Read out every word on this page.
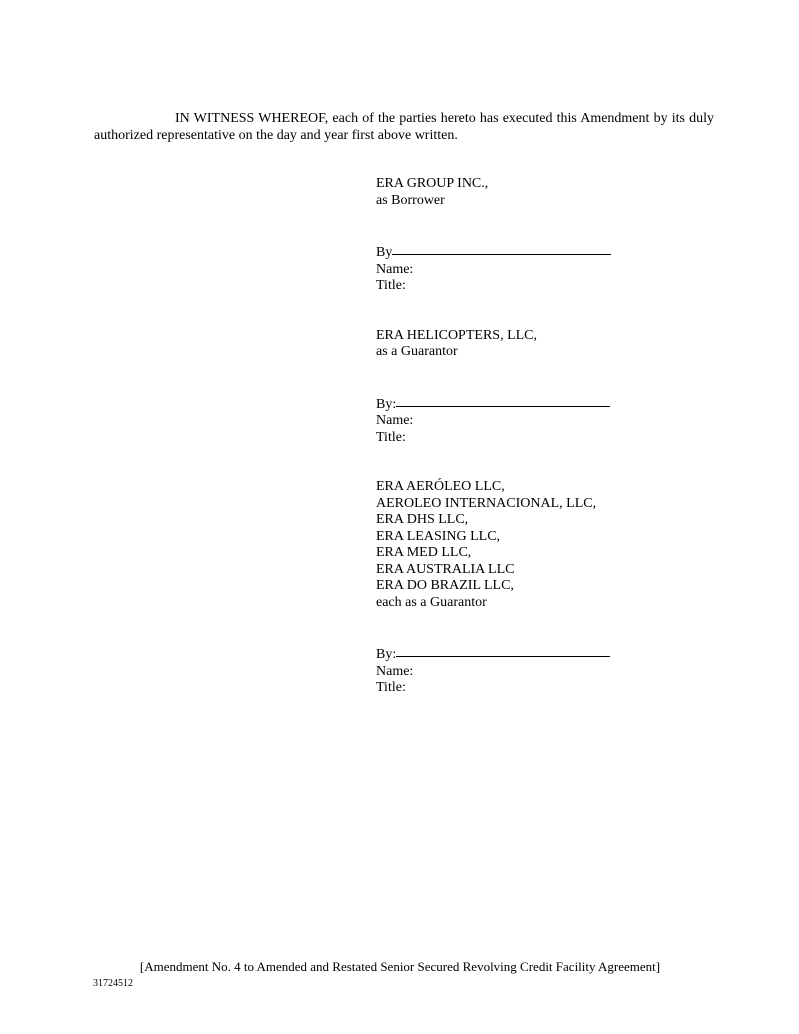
IN WITNESS WHEREOF, each of the parties hereto has executed this Amendment by its duly authorized representative on the day and year first above written.

ERA GROUP INC.,
as Borrower
By
Name:
Title:
ERA HELICOPTERS, LLC,
as a Guarantor
By:
Name:
Title:
ERA AERÓLEO LLC,
AEROLEO INTERNACIONAL, LLC,
ERA DHS LLC,
ERA LEASING LLC,
ERA MED LLC,
ERA AUSTRALIA LLC
ERA DO BRAZIL LLC,
each as a Guarantor
By:
Name:
Title:
[Amendment No. 4 to Amended and Restated Senior Secured Revolving Credit Facility Agreement]
31724512
